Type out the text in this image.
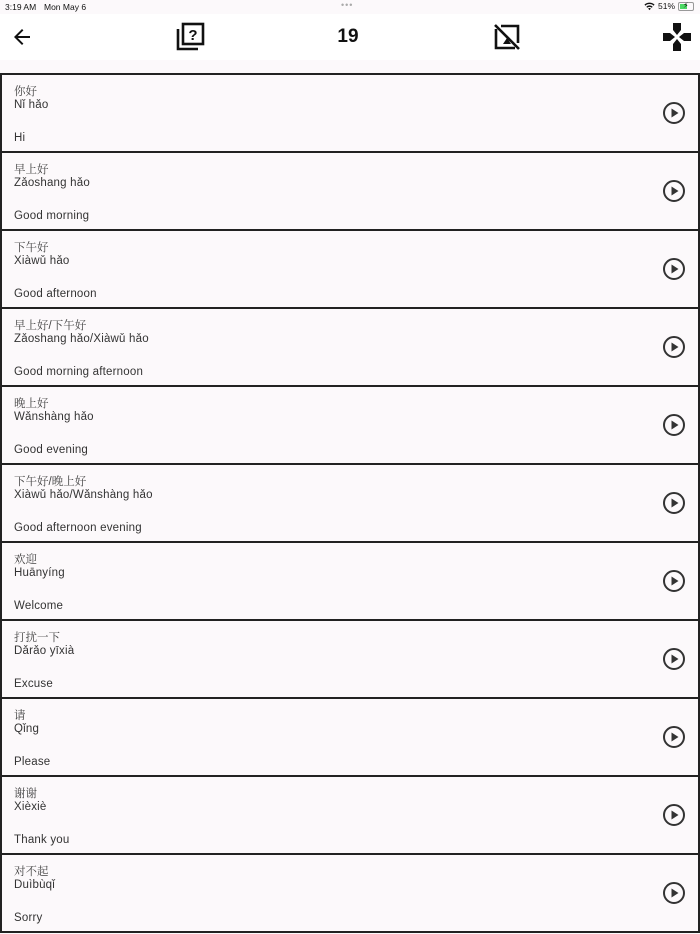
3:19 AM Mon May 6	•••	51% ⚡
?	19
你好
Nǐ hǎo
Hi
早上好
Zǎoshang hǎo
Good morning
下午好
Xiàwǔ hǎo
Good afternoon
早上好/下午好
Zǎoshang hǎo/Xiàwǔ hǎo
Good morning afternoon
晚上好
Wǎnshàng hǎo
Good evening
下午好/晚上好
Xiàwǔ hǎo/Wǎnshàng hǎo
Good afternoon evening
欢迎
Huānyíng
Welcome
打扰一下
Dǎrǎo yīxià
Excuse
请
Qǐng
Please
谢谢
Xièxiè
Thank you
对不起
Duìbùqǐ
Sorry
